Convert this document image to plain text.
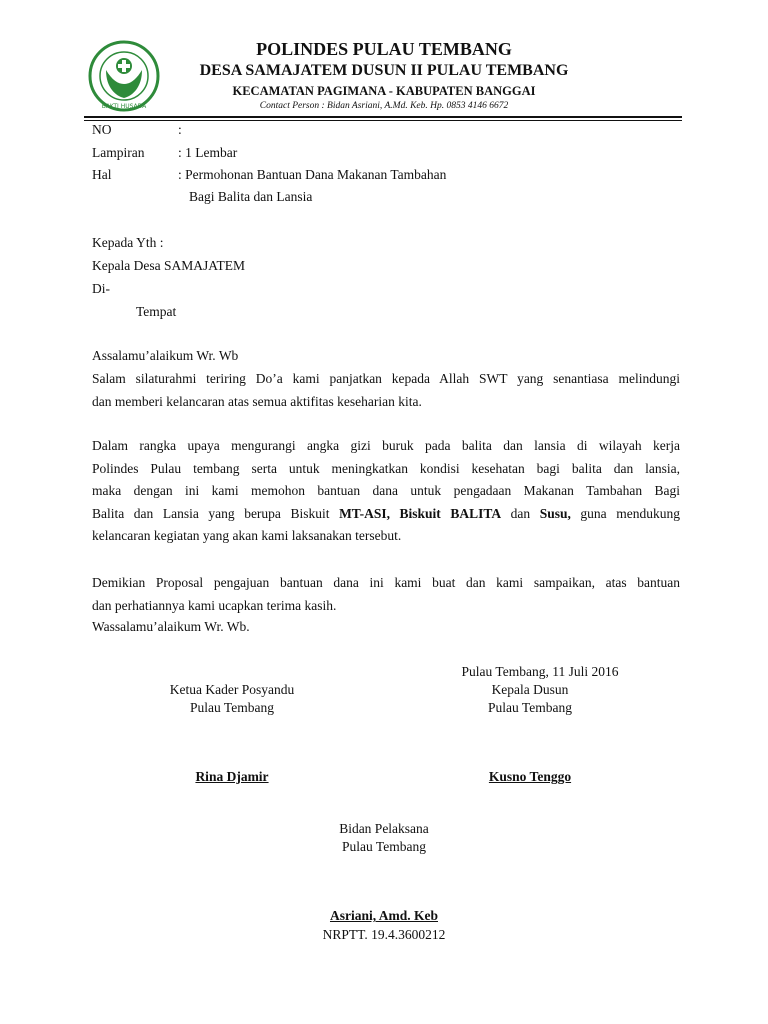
BAKTI HUSADA
POLINDES PULAU TEMBANG
DESA SAMAJATEM DUSUN II PULAU TEMBANG
KECAMATAN PAGIMANA - KABUPATEN BANGGAI
Contact Person : Bidan Asriani, A.Md. Keb. Hp. 0853 4146 6672
NO	:
Lampiran : 1 Lembar
Hal	: Permohonan Bantuan Dana Makanan Tambahan
Bagi Balita dan Lansia
Kepada Yth :
Kepala Desa SAMAJATEM
Di-
Tempat
Assalamu’alaikum Wr. Wb
Salam silaturahmi teriring Do’a kami panjatkan kepada Allah SWT yang senantiasa melindungi
dan memberi kelancaran atas semua aktifitas keseharian kita.
Dalam rangka upaya mengurangi angka gizi buruk pada balita dan lansia di wilayah kerja
Polindes Pulau tembang serta untuk meningkatkan kondisi kesehatan bagi balita dan lansia,
maka dengan ini kami memohon bantuan dana untuk pengadaan Makanan Tambahan Bagi
Balita dan Lansia yang berupa Biskuit MT-ASI, Biskuit BALITA dan Susu, guna mendukung
kelancaran kegiatan yang akan kami laksanakan tersebut.
Demikian Proposal pengajuan bantuan dana ini kami buat dan kami sampaikan, atas bantuan
dan perhatiannya kami ucapkan terima kasih.
Wassalamu’alaikum Wr. Wb.
Pulau Tembang, 11 Juli 2016
Ketua Kader Posyandu
Pulau Tembang
Kepala Dusun
Pulau Tembang
Rina Djamir	Kusno Tenggo
Bidan Pelaksana
Pulau Tembang
Asriani, Amd. Keb
NRPTT. 19.4.3600212
